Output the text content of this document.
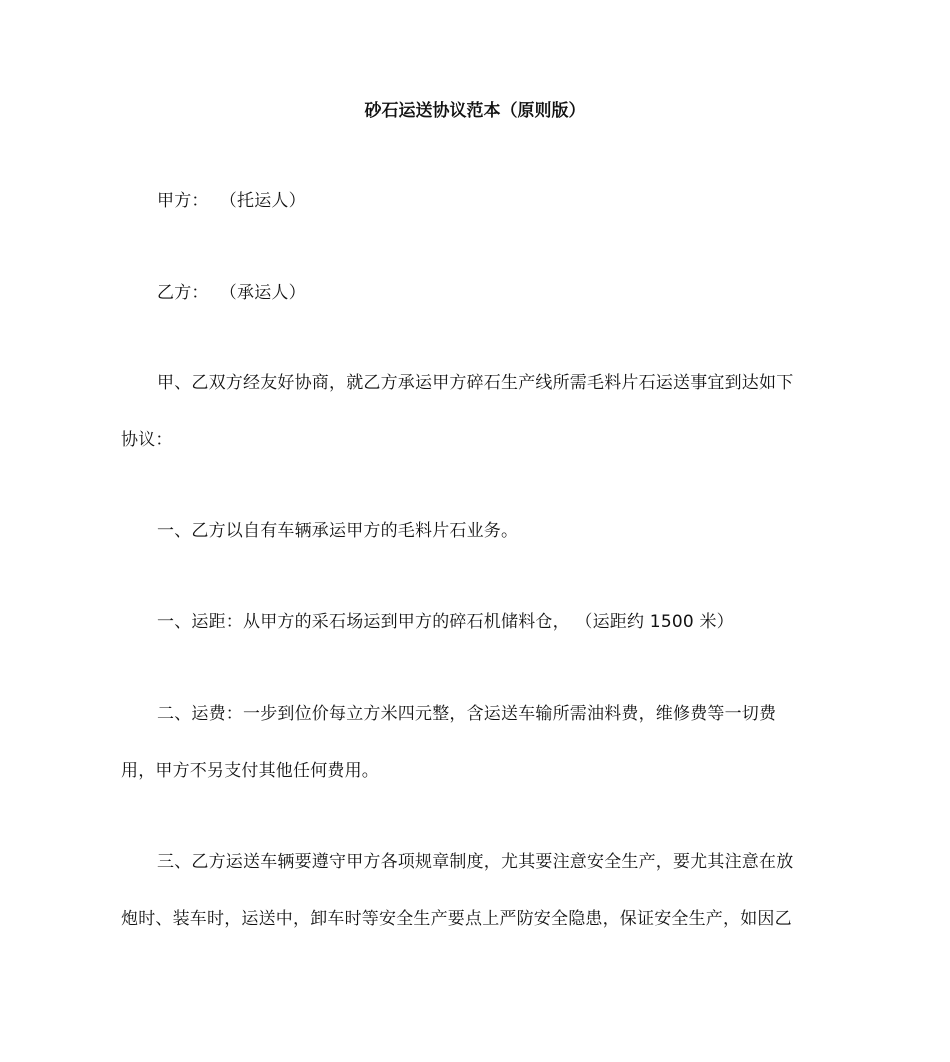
砂石运送协议范本（原则版）
甲方：  （托运人）
乙方：  （承运人）
甲、乙双方经友好协商，就乙方承运甲方碎石生产线所需毛料片石运送事宜到达如下
协议：
一、乙方以自有车辆承运甲方的毛料片石业务。
一、运距：从甲方的采石场运到甲方的碎石机储料仓， （运距约 1500 米）
二、运费：一步到位价每立方米四元整，含运送车输所需油料费，维修费等一切费
用，甲方不另支付其他任何费用。
三、乙方运送车辆要遵守甲方各项规章制度，尤其要注意安全生产，要尤其注意在放
炮时、装车时，运送中，卸车时等安全生产要点上严防安全隐患，保证安全生产，如因乙
